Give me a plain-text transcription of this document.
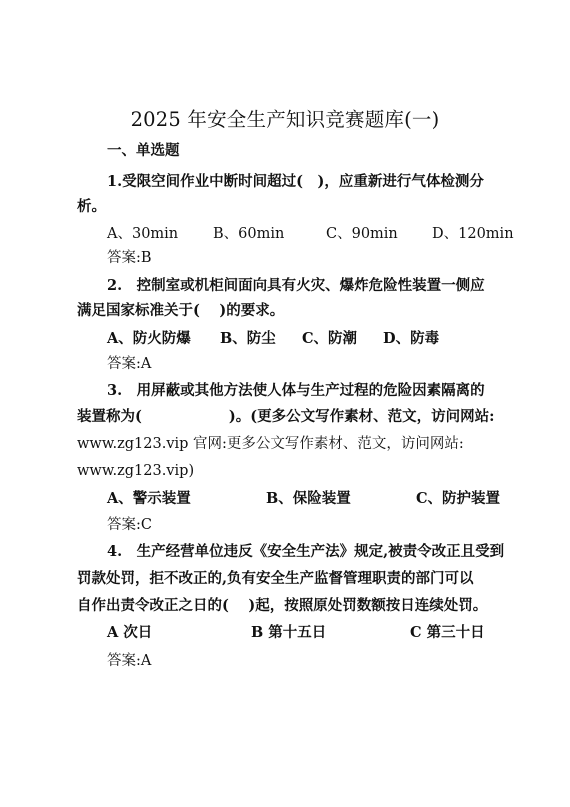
2025 年安全生产知识竞赛题库(一)
一、单选题
1.受限空间作业中断时间超过(　)，应重新进行气体检测分
析。
A、30min B、60min	C、90min D、120min
答案:B
2.　控制室或机柜间面向具有火灾、爆炸危险性装置一侧应
满足国家标准关于(　 )的要求。
A、防火防爆 B、防尘 C、防潮 D、防毒
答案:A
3.　用屏蔽或其他方法使人体与生产过程的危险因素隔离的
装置称为(　　　　　　)。(更多公文写作素材、范文，访问网站:
www.zg123.vip 官网:更多公文写作素材、范文，访问网站:
www.zg123.vip)
A、警示装置	B、保险装置	C、防护装置
答案:C
4.　生产经营单位违反《安全生产法》规定,被责令改正且受到
罚款处罚，拒不改正的,负有安全生产监督管理职责的部门可以
自作出责令改正之日的(　 )起，按照原处罚数额按日连续处罚。
A 次日	B 第十五日	C 第三十日
答案:A
